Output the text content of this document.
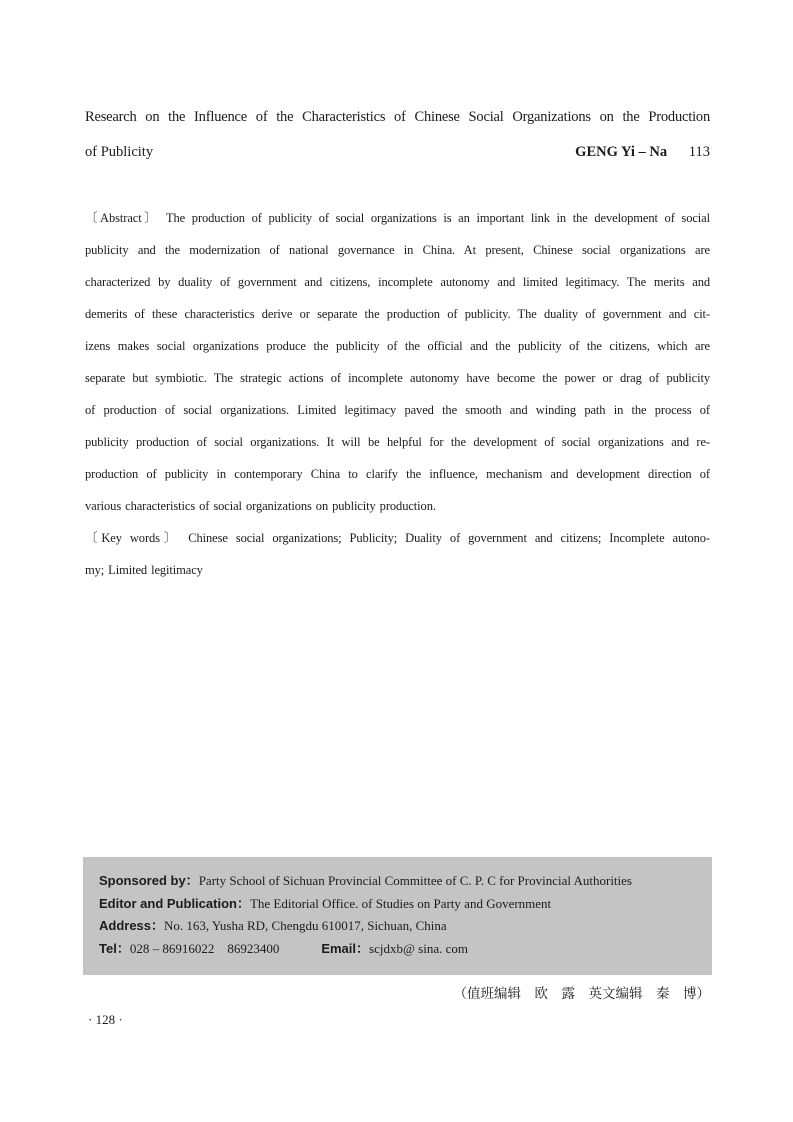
Research on the Influence of the Characteristics of Chinese Social Organizations on the Production
of Publicity	GENG Yi – Na 113
〔Abstract〕 The production of publicity of social organizations is an important link in the development of social
publicity and the modernization of national governance in China. At present, Chinese social organizations are
characterized by duality of government and citizens, incomplete autonomy and limited legitimacy. The merits and
demerits of these characteristics derive or separate the production of publicity. The duality of government and cit-
izens makes social organizations produce the publicity of the official and the publicity of the citizens, which are
separate but symbiotic. The strategic actions of incomplete autonomy have become the power or drag of publicity
of production of social organizations. Limited legitimacy paved the smooth and winding path in the process of
publicity production of social organizations. It will be helpful for the development of social organizations and re-
production of publicity in contemporary China to clarify the influence, mechanism and development direction of
various characteristics of social organizations on publicity production.
〔Key words〕 Chinese social organizations; Publicity; Duality of government and citizens; Incomplete autono-
my; Limited legitimacy
Sponsored by：Party School of Sichuan Provincial Committee of C. P. C for Provincial Authorities
Editor and Publication：The Editorial Office. of Studies on Party and Government
Address：No. 163, Yusha RD, Chengdu 610017, Sichuan, China
Tel：028 – 86916022 86923400	Email：scjdxb@ sina. com
（值班编辑　欧　露　英文编辑　秦　博）
· 128 ·
